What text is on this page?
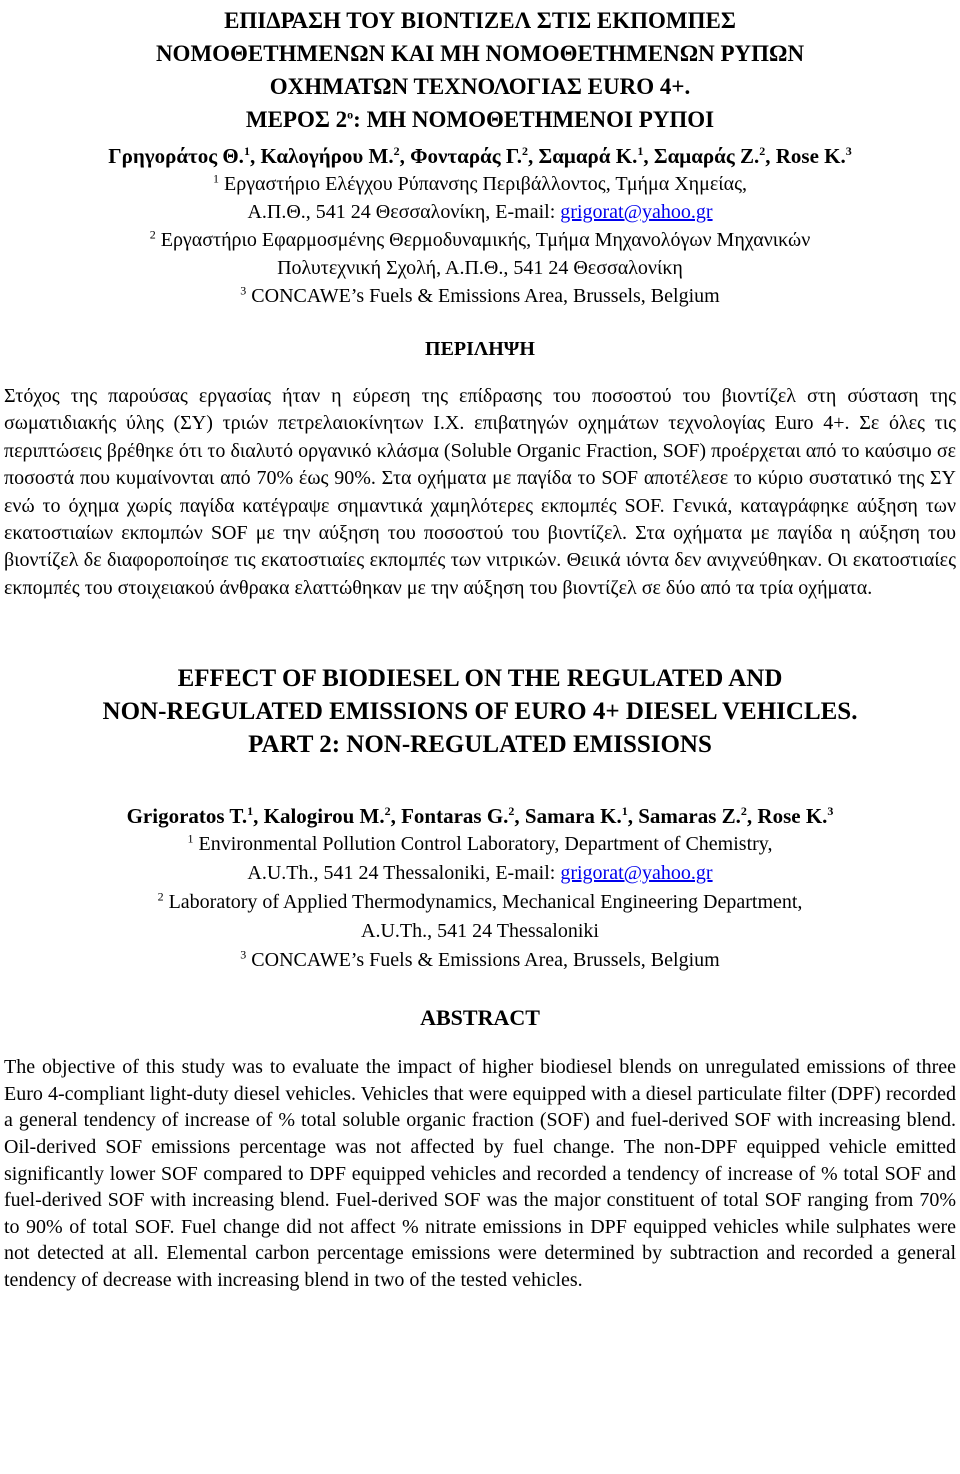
ΕΠΙΔΡΑΣΗ ΤΟΥ ΒΙΟΝΤΙΖΕΛ ΣΤΙΣ ΕΚΠΟΜΠΕΣ
ΝΟΜΟΘΕΤΗΜΕΝΩΝ ΚΑΙ ΜΗ ΝΟΜΟΘΕΤΗΜΕΝΩΝ ΡΥΠΩΝ
ΟΧΗΜΑΤΩΝ ΤΕΧΝΟΛΟΓΙΑΣ EURO 4+.
ΜΕΡΟΣ $2^o$: ΜΗ ΝΟΜΟΘΕΤΗΜΕΝΟΙ ΡΥΠΟΙ
Γρηγοράτος Θ.$^1$, Καλογήρου Μ.$^2$, Φονταράς Γ.$^2$, Σαμαρά Κ.$^1$, Σαμαράς Ζ.$^2$, Rose K.$^3$
$^1$ Εργαστήριο Ελέγχου Ρύπανσης Περιβάλλοντος, Τμήμα Χημείας,
Α.Π.Θ., 541 24 Θεσσαλονίκη, E-mail: grigorat@yahoo.gr
$^2$ Εργαστήριο Εφαρμοσμένης Θερμοδυναμικής, Τμήμα Μηχανολόγων Μηχανικών
Πολυτεχνική Σχολή, Α.Π.Θ., 541 24 Θεσσαλονίκη
$^3$ CONCAWE’s Fuels & Emissions Area, Brussels, Belgium
ΠΕΡΙΛΗΨΗ
Στόχος της παρούσας εργασίας ήταν η εύρεση της επίδρασης του ποσοστού του βιοντίζελ στη σύσταση της σωματιδιακής ύλης (ΣΥ) τριών πετρελαιοκίνητων Ι.Χ. επιβατηγών οχημάτων τεχνολογίας Euro 4+. Σε όλες τις περιπτώσεις βρέθηκε ότι το διαλυτό οργανικό κλάσμα (Soluble Organic Fraction, SOF) προέρχεται από το καύσιμο σε ποσοστά που κυμαίνονται από 70% έως 90%. Στα οχήματα με παγίδα το SOF αποτέλεσε το κύριο συστατικό της ΣΥ ενώ το όχημα χωρίς παγίδα κατέγραψε σημαντικά χαμηλότερες εκπομπές SOF. Γενικά, καταγράφηκε αύξηση των εκατοστιαίων εκπομπών SOF με την αύξηση του ποσοστού του βιοντίζελ. Στα οχήματα με παγίδα η αύξηση του βιοντίζελ δε διαφοροποίησε τις εκατοστιαίες εκπομπές των νιτρικών. Θειικά ιόντα δεν ανιχνεύθηκαν. Οι εκατοστιαίες εκπομπές του στοιχειακού άνθρακα ελαττώθηκαν με την αύξηση του βιοντίζελ σε δύο από τα τρία οχήματα.
EFFECT OF BIODIESEL ON THE REGULATED AND
NON-REGULATED EMISSIONS OF EURO 4+ DIESEL VEHICLES.
PART 2: NON-REGULATED EMISSIONS
Grigoratos T.$^1$, Kalogirou M.$^2$, Fontaras G.$^2$, Samara K.$^1$, Samaras Z.$^2$, Rose K.$^3$
$^1$ Environmental Pollution Control Laboratory, Department of Chemistry,
A.U.Th., 541 24 Thessaloniki, E-mail: grigorat@yahoo.gr
$^2$ Laboratory of Applied Thermodynamics, Mechanical Engineering Department,
A.U.Th., 541 24 Thessaloniki
$^3$ CONCAWE’s Fuels & Emissions Area, Brussels, Belgium
ABSTRACT
The objective of this study was to evaluate the impact of higher biodiesel blends on unregulated emissions of three Euro 4-compliant light-duty diesel vehicles. Vehicles that were equipped with a diesel particulate filter (DPF) recorded a general tendency of increase of % total soluble organic fraction (SOF) and fuel-derived SOF with increasing blend. Oil-derived SOF emissions percentage was not affected by fuel change. The non-DPF equipped vehicle emitted significantly lower SOF compared to DPF equipped vehicles and recorded a tendency of increase of % total SOF and fuel-derived SOF with increasing blend. Fuel-derived SOF was the major constituent of total SOF ranging from 70% to 90% of total SOF. Fuel change did not affect % nitrate emissions in DPF equipped vehicles while sulphates were not detected at all. Elemental carbon percentage emissions were determined by subtraction and recorded a general tendency of decrease with increasing blend in two of the tested vehicles.
